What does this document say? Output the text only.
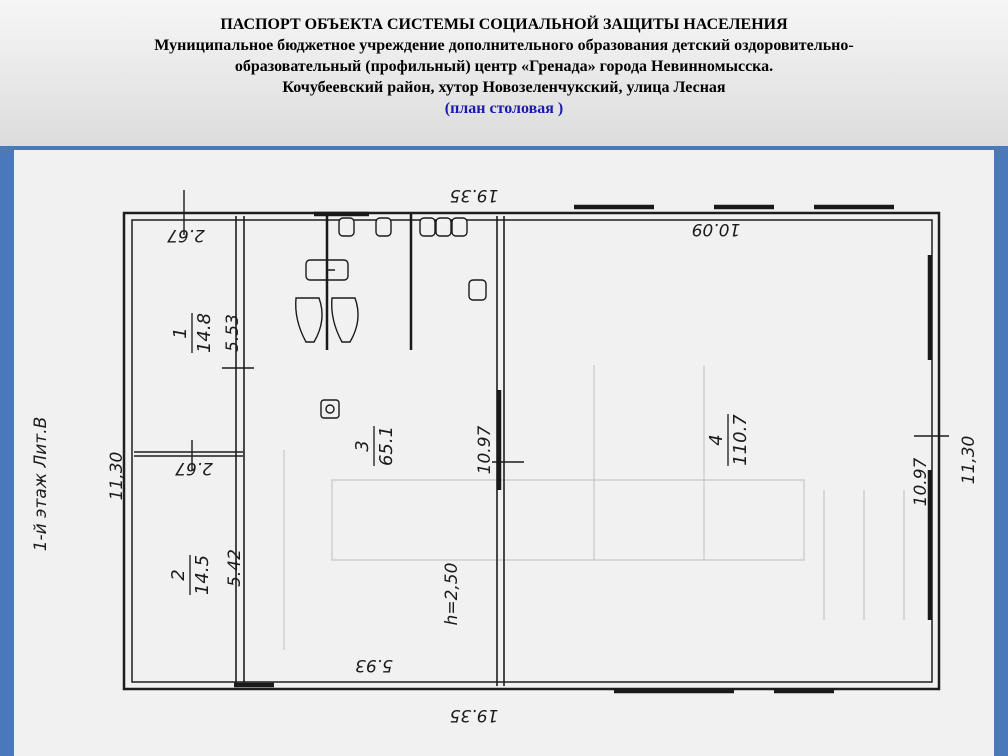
ПАСПОРТ ОБЪЕКТА СИСТЕМЫ СОЦИАЛЬНОЙ ЗАЩИТЫ НАСЕЛЕНИЯ
Муниципальное бюджетное учреждение дополнительного образования детский оздоровительно-
образовательный (профильный) центр «Гренада» города Невинномысска.
Кочубеевский район, хутор Новозеленчукский, улица Лесная
(план столовая )
19.35
19.35
2.67	10.09
2.67
5.93
11,30	11,30
5.53
5.42
10.97
10.97
h=2,50
1-й этаж Лит.В
1 14.8
2 14.5
3 65.1	4 110.7
